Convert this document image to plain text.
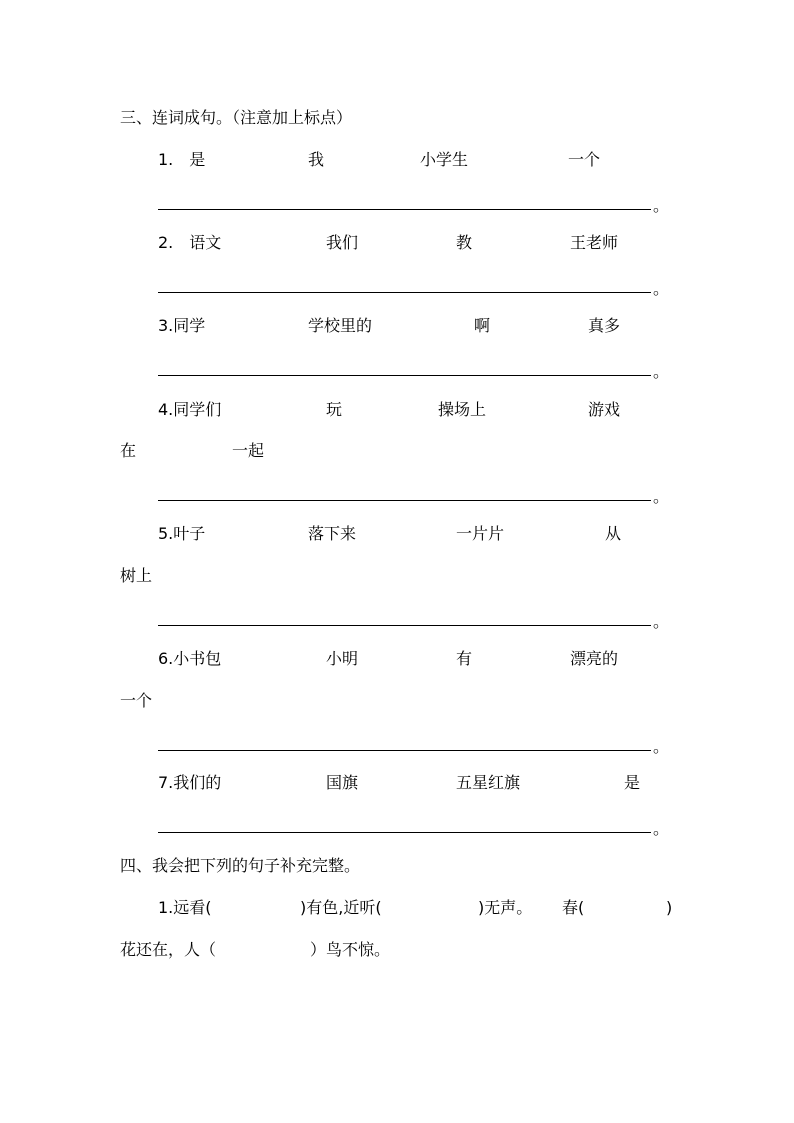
三、连词成句。（注意加上标点）
1.　是	我	小学生	一个
。
2.　语文	我们	教	王老师
。
3.同学	学校里的	啊	真多
。
4.同学们	玩	操场上	游戏
在	一起
。
5.叶子	落下来	一片片	从
树上
。
6.小书包	小明	有	漂亮的
一个
。
7.我们的	国旗	五星红旗	是
。
四、我会把下列的句子补充完整。
1.远看(	)有色,近听(	)无声。 春(	)
花还在，人（	）鸟不惊。
